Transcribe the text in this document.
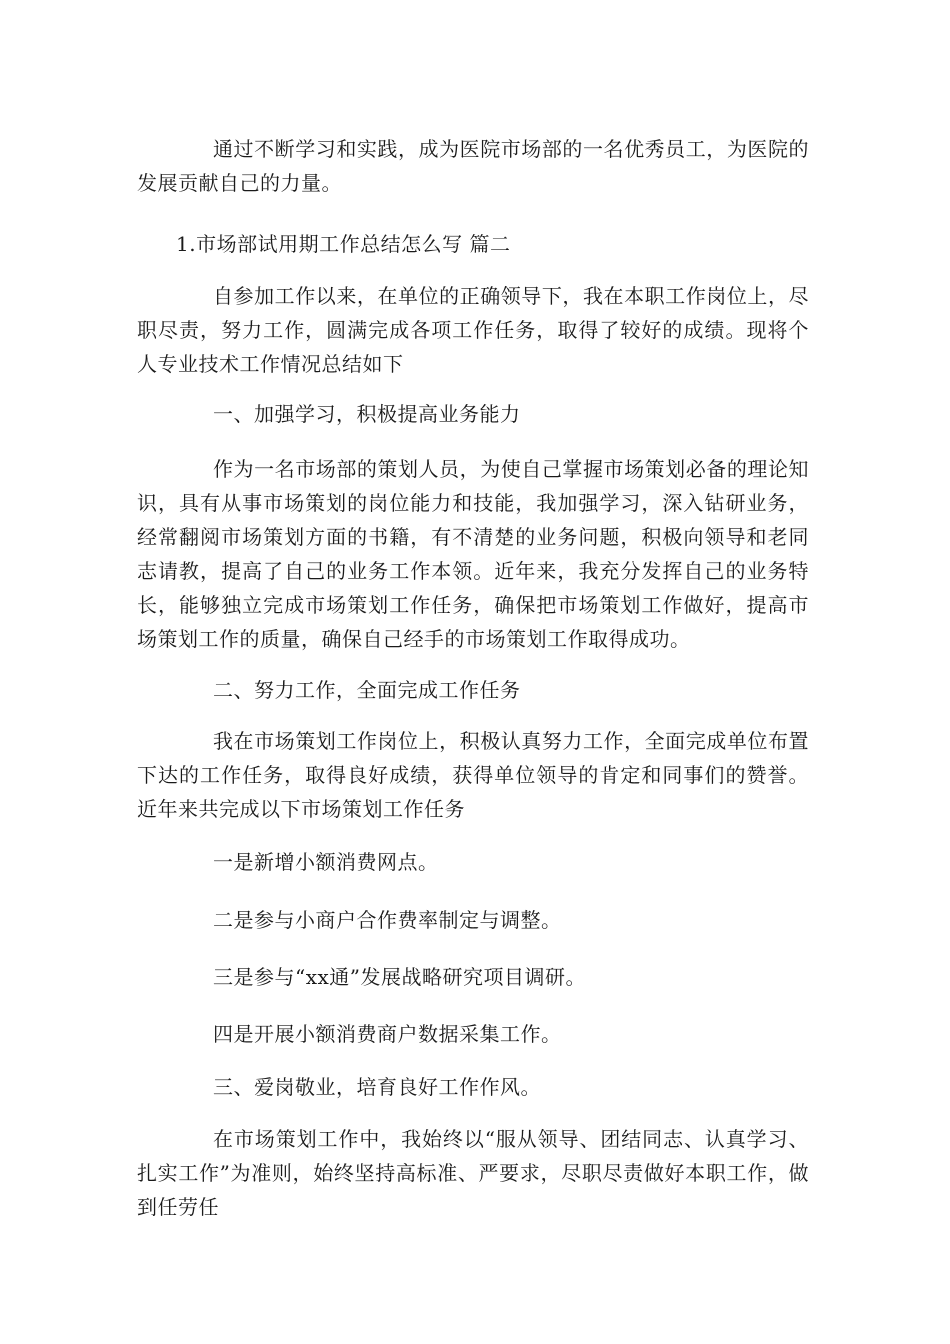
通过不断学习和实践，成为医院市场部的一名优秀员工，为医院的发展贡献自己的力量。

1.市场部试用期工作总结怎么写 篇二

自参加工作以来，在单位的正确领导下，我在本职工作岗位上，尽职尽责，努力工作，圆满完成各项工作任务，取得了较好的成绩。现将个人专业技术工作情况总结如下

一、加强学习，积极提高业务能力

作为一名市场部的策划人员，为使自己掌握市场策划必备的理论知识，具有从事市场策划的岗位能力和技能，我加强学习，深入钻研业务，经常翻阅市场策划方面的书籍，有不清楚的业务问题，积极向领导和老同志请教，提高了自己的业务工作本领。近年来，我充分发挥自己的业务特长，能够独立完成市场策划工作任务，确保把市场策划工作做好，提高市场策划工作的质量，确保自己经手的市场策划工作取得成功。

二、努力工作，全面完成工作任务

我在市场策划工作岗位上，积极认真努力工作，全面完成单位布置下达的工作任务，取得良好成绩，获得单位领导的肯定和同事们的赞誉。近年来共完成以下市场策划工作任务

一是新增小额消费网点。

二是参与小商户合作费率制定与调整。

三是参与“xx通”发展战略研究项目调研。

四是开展小额消费商户数据采集工作。

三、爱岗敬业，培育良好工作作风。

在市场策划工作中，我始终以“服从领导、团结同志、认真学习、扎实工作”为准则，始终坚持高标准、严要求，尽职尽责做好本职工作，做到任劳任
